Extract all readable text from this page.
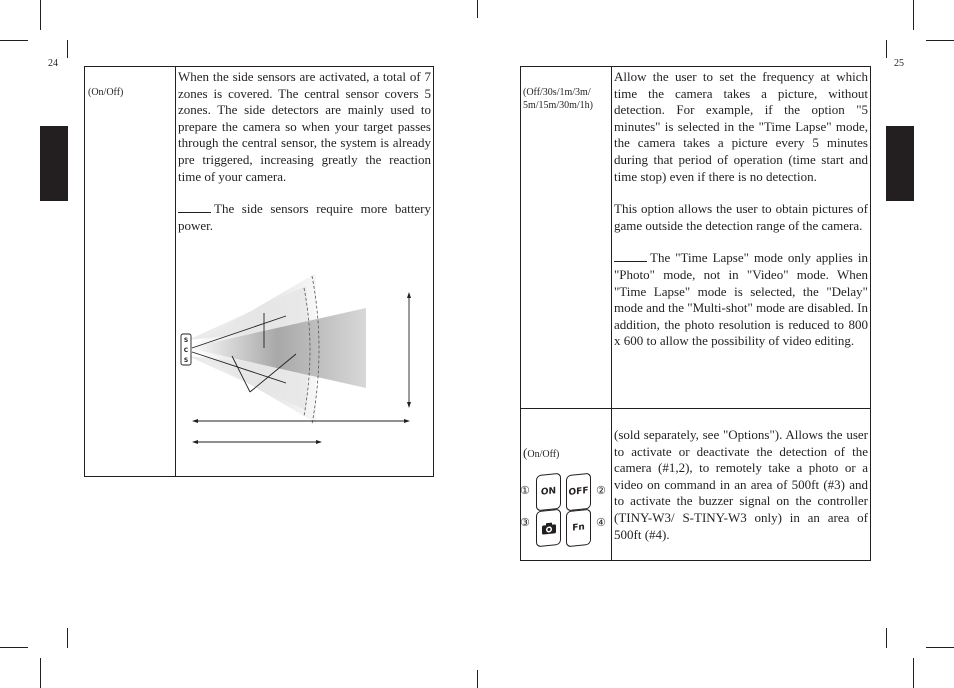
24	25
(On/Off)

When the side sensors are activated, a total of 7 zones is covered. The central sensor covers 5 zones. The side detectors are mainly used to prepare the camera so when your target passes through the central sensor, the system is already pre triggered, increasing greatly the reaction time of your camera.

The side sensors require more battery power.

S
C
S
(Off/30s/1m/3m/
5m/15m/30m/1h)

Allow the user to set the frequency at which time the camera takes a picture, without detection. For example, if the option "5 minutes" is selected in the "Time Lapse" mode, the camera takes a picture every 5 minutes during that period of operation (time start and time stop) even if there is no detection.

This option allows the user to obtain pictures of game outside the detection range of the camera.

The "Time Lapse" mode only applies in "Photo" mode, not in "Video" mode. When "Time Lapse" mode is selected, the "Delay" mode and the "Multi-shot" mode are disabled. In addition, the photo resolution is reduced to 800 x 600 to allow the possibility of video editing.

(On/Off)
①	②
③	④
ON OFF
Fn

(sold separately, see "Options"). Allows the user to activate or deactivate the detection of the camera (#1,2), to remotely take a photo or a video on command in an area of 500ft (#3) and to activate the buzzer signal on the controller (TINY-W3/ S-TINY-W3 only) in an area of 500ft (#4).
